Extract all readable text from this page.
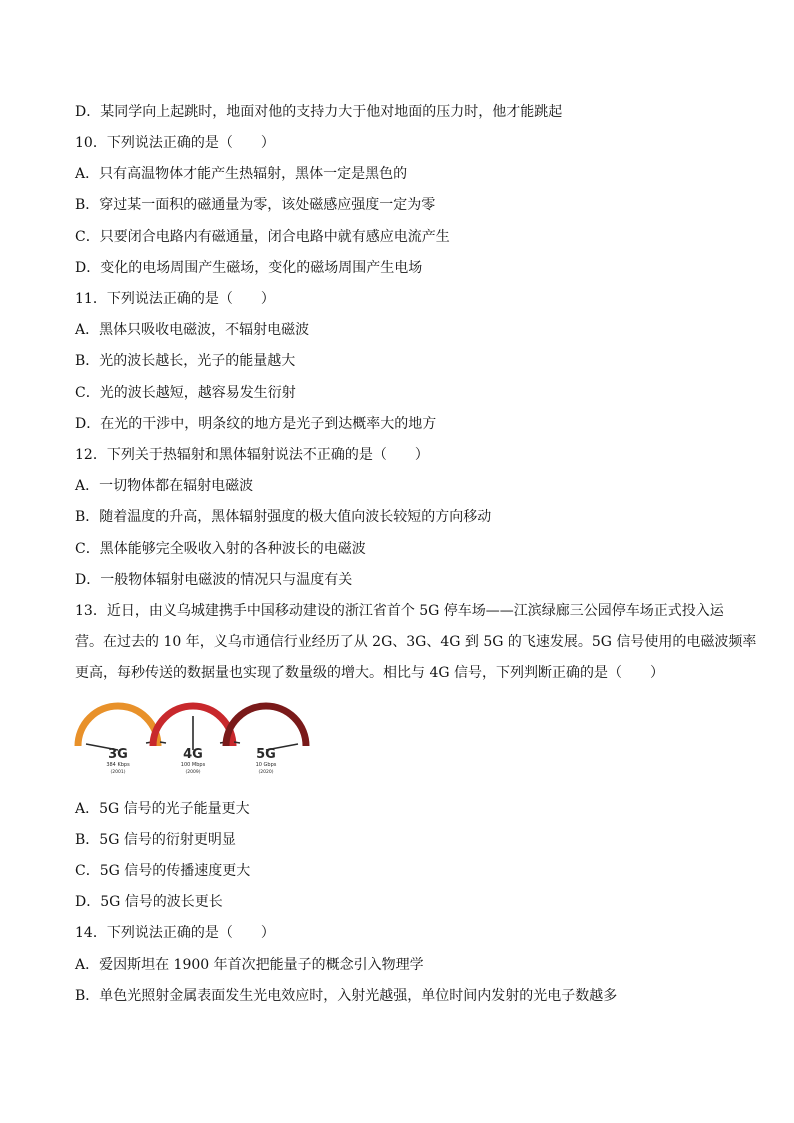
D．某同学向上起跳时，地面对他的支持力大于他对地面的压力时，他才能跳起
10．下列说法正确的是（　　）
A．只有高温物体才能产生热辐射，黑体一定是黑色的
B．穿过某一面积的磁通量为零，该处磁感应强度一定为零
C．只要闭合电路内有磁通量，闭合电路中就有感应电流产生
D．变化的电场周围产生磁场，变化的磁场周围产生电场
11．下列说法正确的是（　　）
A．黑体只吸收电磁波，不辐射电磁波
B．光的波长越长，光子的能量越大
C．光的波长越短，越容易发生衍射
D．在光的干涉中，明条纹的地方是光子到达概率大的地方
12．下列关于热辐射和黑体辐射说法不正确的是（　　）
A．一切物体都在辐射电磁波
B．随着温度的升高，黑体辐射强度的极大值向波长较短的方向移动
C．黑体能够完全吸收入射的各种波长的电磁波
D．一般物体辐射电磁波的情况只与温度有关
13．近日，由义乌城建携手中国移动建设的浙江省首个 5G 停车场——江滨绿廊三公园停车场正式投入运
营。在过去的 10 年，义乌市通信行业经历了从 2G、3G、4G 到 5G 的飞速发展。5G 信号使用的电磁波频率
更高，每秒传送的数据量也实现了数量级的增大。相比与 4G 信号，下列判断正确的是（　　）
3G
384 Kbps
(2001)
4G
100 Mbps
(2009)
5G
10 Gbps
(2020)
A．5G 信号的光子能量更大
B．5G 信号的衍射更明显
C．5G 信号的传播速度更大
D．5G 信号的波长更长
14．下列说法正确的是（　　）
A．爱因斯坦在 1900 年首次把能量子的概念引入物理学
B．单色光照射金属表面发生光电效应时，入射光越强，单位时间内发射的光电子数越多
